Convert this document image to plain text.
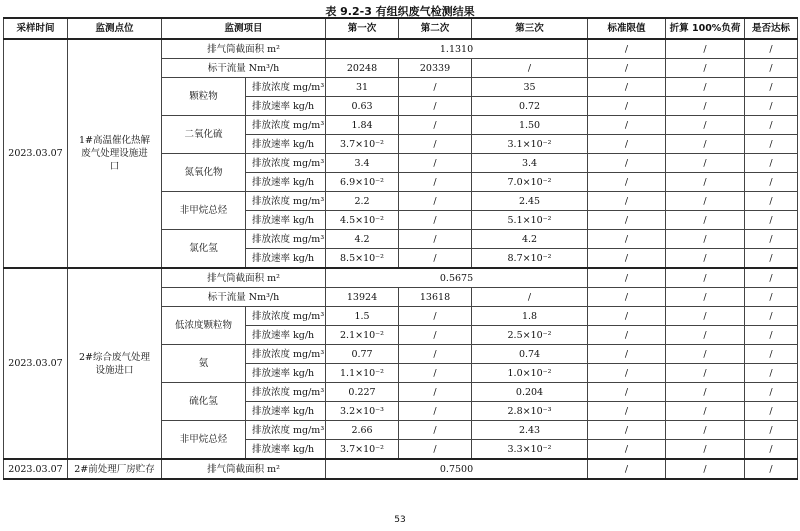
表 9.2-3 有组织废气检测结果
采样时间	监测点位	监测项目		第一次	第二次	第三次	标准限值	折算 100%负荷	是否达标
2023.03.07	1#高温催化热解废气处理设施进口	排气筒截面积 m²		1.1310			/	/	/
		标干流量 Nm³/h		20248	20339	/	/	/	/
		颗粒物	排放浓度 mg/m³	31	/	35	/	/	/
			排放速率 kg/h	0.63	/	0.72	/	/	/
		二氧化硫	排放浓度 mg/m³	1.84	/	1.50	/	/	/
			排放速率 kg/h	3.7×10⁻²	/	3.1×10⁻²	/	/	/
		氮氧化物	排放浓度 mg/m³	3.4	/	3.4	/	/	/
			排放速率 kg/h	6.9×10⁻²	/	7.0×10⁻²	/	/	/
		非甲烷总烃	排放浓度 mg/m³	2.2	/	2.45	/	/	/
			排放速率 kg/h	4.5×10⁻²	/	5.1×10⁻²	/	/	/
		氯化氢	排放浓度 mg/m³	4.2	/	4.2	/	/	/
			排放速率 kg/h	8.5×10⁻²	/	8.7×10⁻²	/	/	/
2023.03.07	2#综合废气处理设施进口	排气筒截面积 m²		0.5675			/	/	/
		标干流量 Nm³/h		13924	13618	/	/	/	/
		低浓度颗粒物	排放浓度 mg/m³	1.5	/	1.8	/	/	/
			排放速率 kg/h	2.1×10⁻²	/	2.5×10⁻²	/	/	/
		氨	排放浓度 mg/m³	0.77	/	0.74	/	/	/
			排放速率 kg/h	1.1×10⁻²	/	1.0×10⁻²	/	/	/
		硫化氢	排放浓度 mg/m³	0.227	/	0.204	/	/	/
			排放速率 kg/h	3.2×10⁻³	/	2.8×10⁻³	/	/	/
		非甲烷总烃	排放浓度 mg/m³	2.66	/	2.43	/	/	/
			排放速率 kg/h	3.7×10⁻²	/	3.3×10⁻²	/	/	/
2023.03.07	2#前处理厂房贮存	排气筒截面积 m²		0.7500			/	/	/
53
